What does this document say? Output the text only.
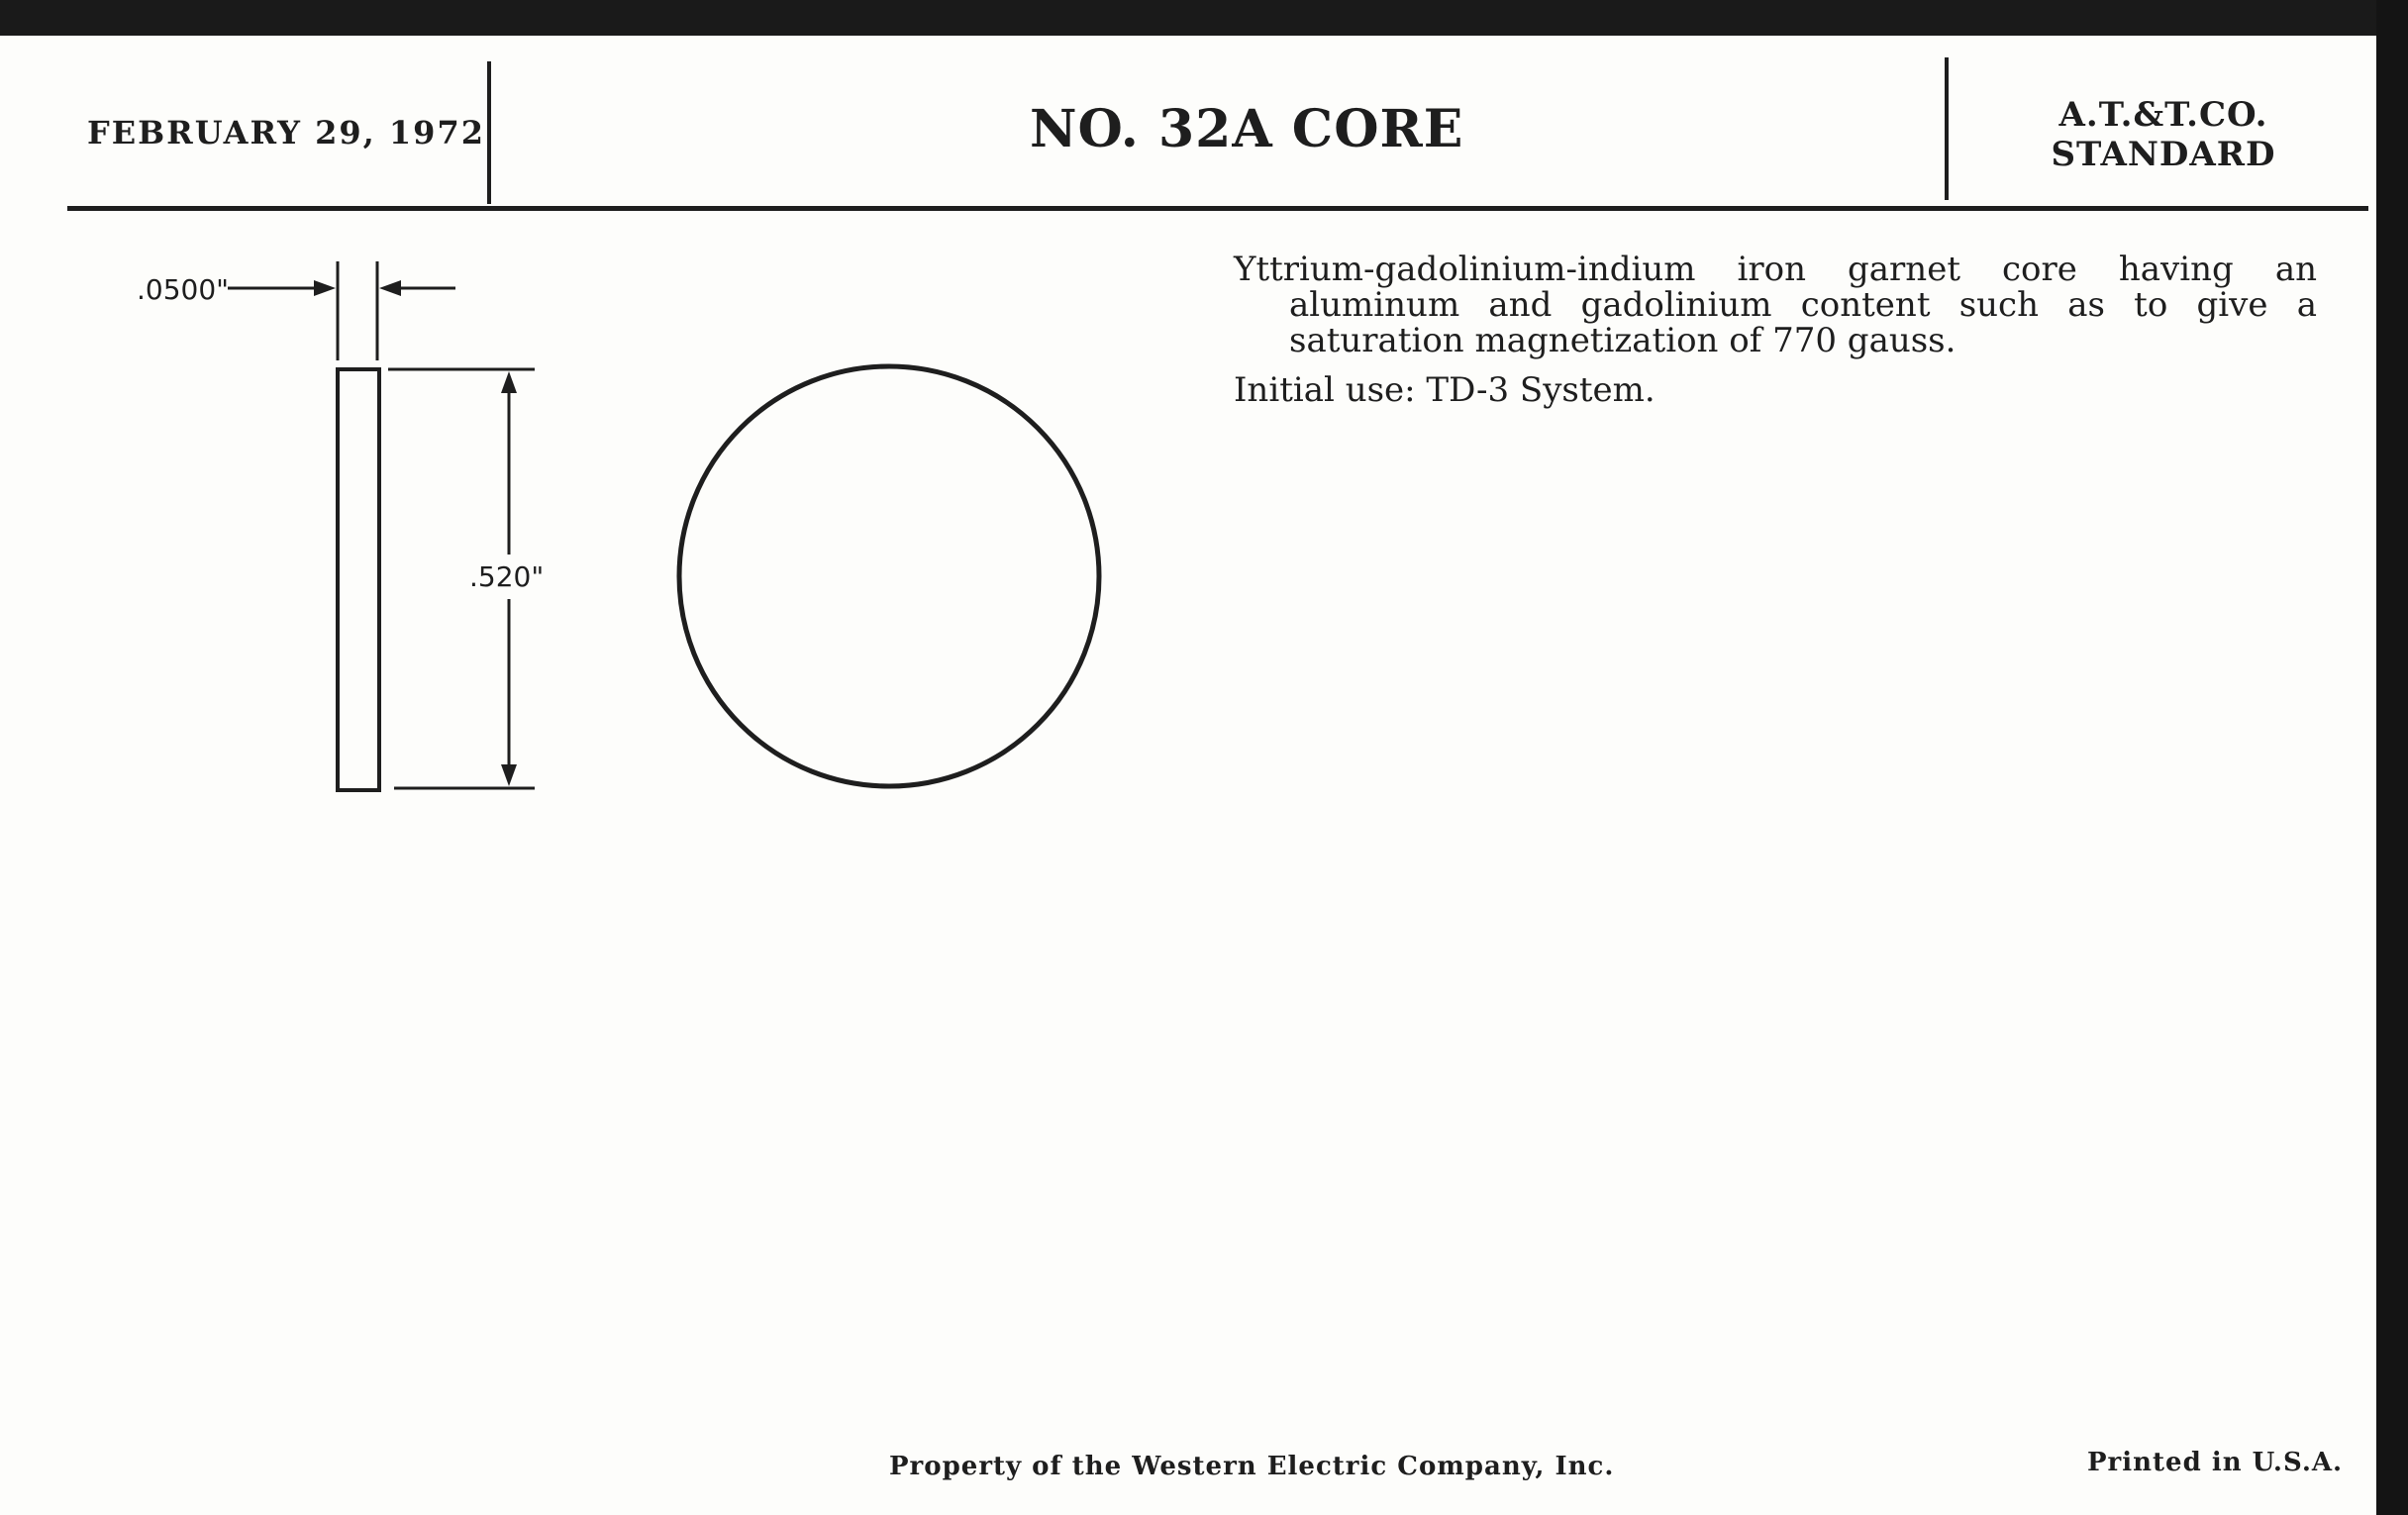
FEBRUARY 29, 1972	NO. 32A CORE	A.T.&T.CO.
STANDARD
.0500"
.520"

Yttrium-gadolinium-indium iron garnet core having an aluminum and gadolinium content such as to give a saturation magnetization of 770 gauss.

Initial use: TD-3 System.

Property of the Western Electric Company, Inc.	Printed in U.S.A.
